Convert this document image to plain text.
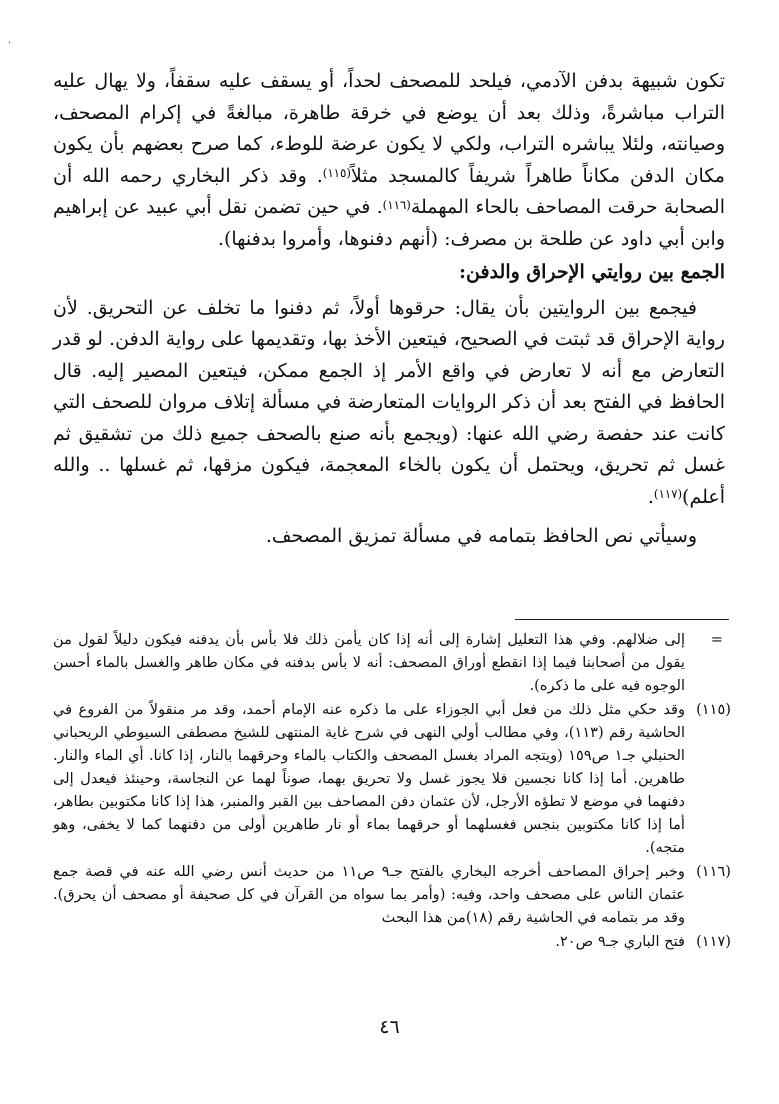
·

تكون شبيهة بدفن الآدمي، فيلحد للمصحف لحداً، أو يسقف عليه سقفاً، ولا يهال عليه التراب مباشرةً، وذلك بعد أن يوضع في خرقة طاهرة، مبالغةً في إكرام المصحف، وصيانته، ولئلا يباشره التراب، ولكي لا يكون عرضة للوطء، كما صرح بعضهم بأن يكون مكان الدفن مكاناً طاهراً شريفاً كالمسجد مثلاً$^{(١١٥)}$. وقد ذكر البخاري رحمه الله أن الصحابة حرقت المصاحف بالحاء المهملة$^{(١١٦)}$. في حين تضمن نقل أبي عبيد عن إبراهيم وابن أبي داود عن طلحة بن مصرف: (أنهم دفنوها، وأمروا بدفنها).

الجمع بين روايتي الإحراق والدفن:

فيجمع بين الروايتين بأن يقال: حرقوها أولاً، ثم دفنوا ما تخلف عن التحريق. لأن رواية الإحراق قد ثبتت في الصحيح، فيتعين الأخذ بها، وتقديمها على رواية الدفن. لو قدر التعارض مع أنه لا تعارض في واقع الأمر إذ الجمع ممكن، فيتعين المصير إليه. قال الحافظ في الفتح بعد أن ذكر الروايات المتعارضة في مسألة إتلاف مروان للصحف التي كانت عند حفصة رضي الله عنها: (ويجمع بأنه صنع بالصحف جميع ذلك من تشقيق ثم غسل ثم تحريق، ويحتمل أن يكون بالخاء المعجمة، فيكون مزقها، ثم غسلها .. والله أعلم)$^{(١١٧)}$.

وسيأتي نص الحافظ بتمامه في مسألة تمزيق المصحف.

=
إلى ضلالهم. وفي هذا التعليل إشارة إلى أنه إذا كان يأمن ذلك فلا بأس بأن يدفنه فيكون دليلاً لقول من يقول من أصحابنا فيما إذا انقطع أوراق المصحف: أنه لا بأس بدفنه في مكان طاهر والغسل بالماء أحسن الوجوه فيه على ما ذكره).
(١١٥)
وقد حكي مثل ذلك من فعل أبي الجوزاء على ما ذكره عنه الإمام أحمد، وقد مر منقولاً من الفروع في الحاشية رقم (١١٣)، وفي مطالب أولي النهى في شرح غاية المنتهى للشيخ مصطفى السيوطي الريحباني الحنبلي جـ١ ص١٥٩ (ويتجه المراد بغسل المصحف والكتاب بالماء وحرقهما بالنار، إذا كانا. أي الماء والنار. طاهرين. أما إذا كانا نجسين فلا يجوز غسل ولا تحريق بهما، صوناً لهما عن النجاسة، وحينئذ فيعدل إلى دفنهما في موضع لا تطؤه الأرجل، لأن عثمان دفن المصاحف بين القبر والمنبر، هذا إذا كانا مكتوبين بطاهر، أما إذا كانا مكتوبين بنجس فغسلهما أو حرقهما بماء أو نار طاهرين أولى من دفنهما كما لا يخفى، وهو متجه).
(١١٦)
وخبر إحراق المصاحف أخرجه البخاري بالفتح جـ٩ ص١١ من حديث أنس رضي الله عنه في قصة جمع عثمان الناس على مصحف واحد، وفيه: (وأمر بما سواه من القرآن في كل صحيفة أو مصحف أن يحرق). وقد مر بتمامه في الحاشية رقم (١٨)من هذا البحث
(١١٧)
فتح الباري جـ٩ ص٢٠.
٤٦
